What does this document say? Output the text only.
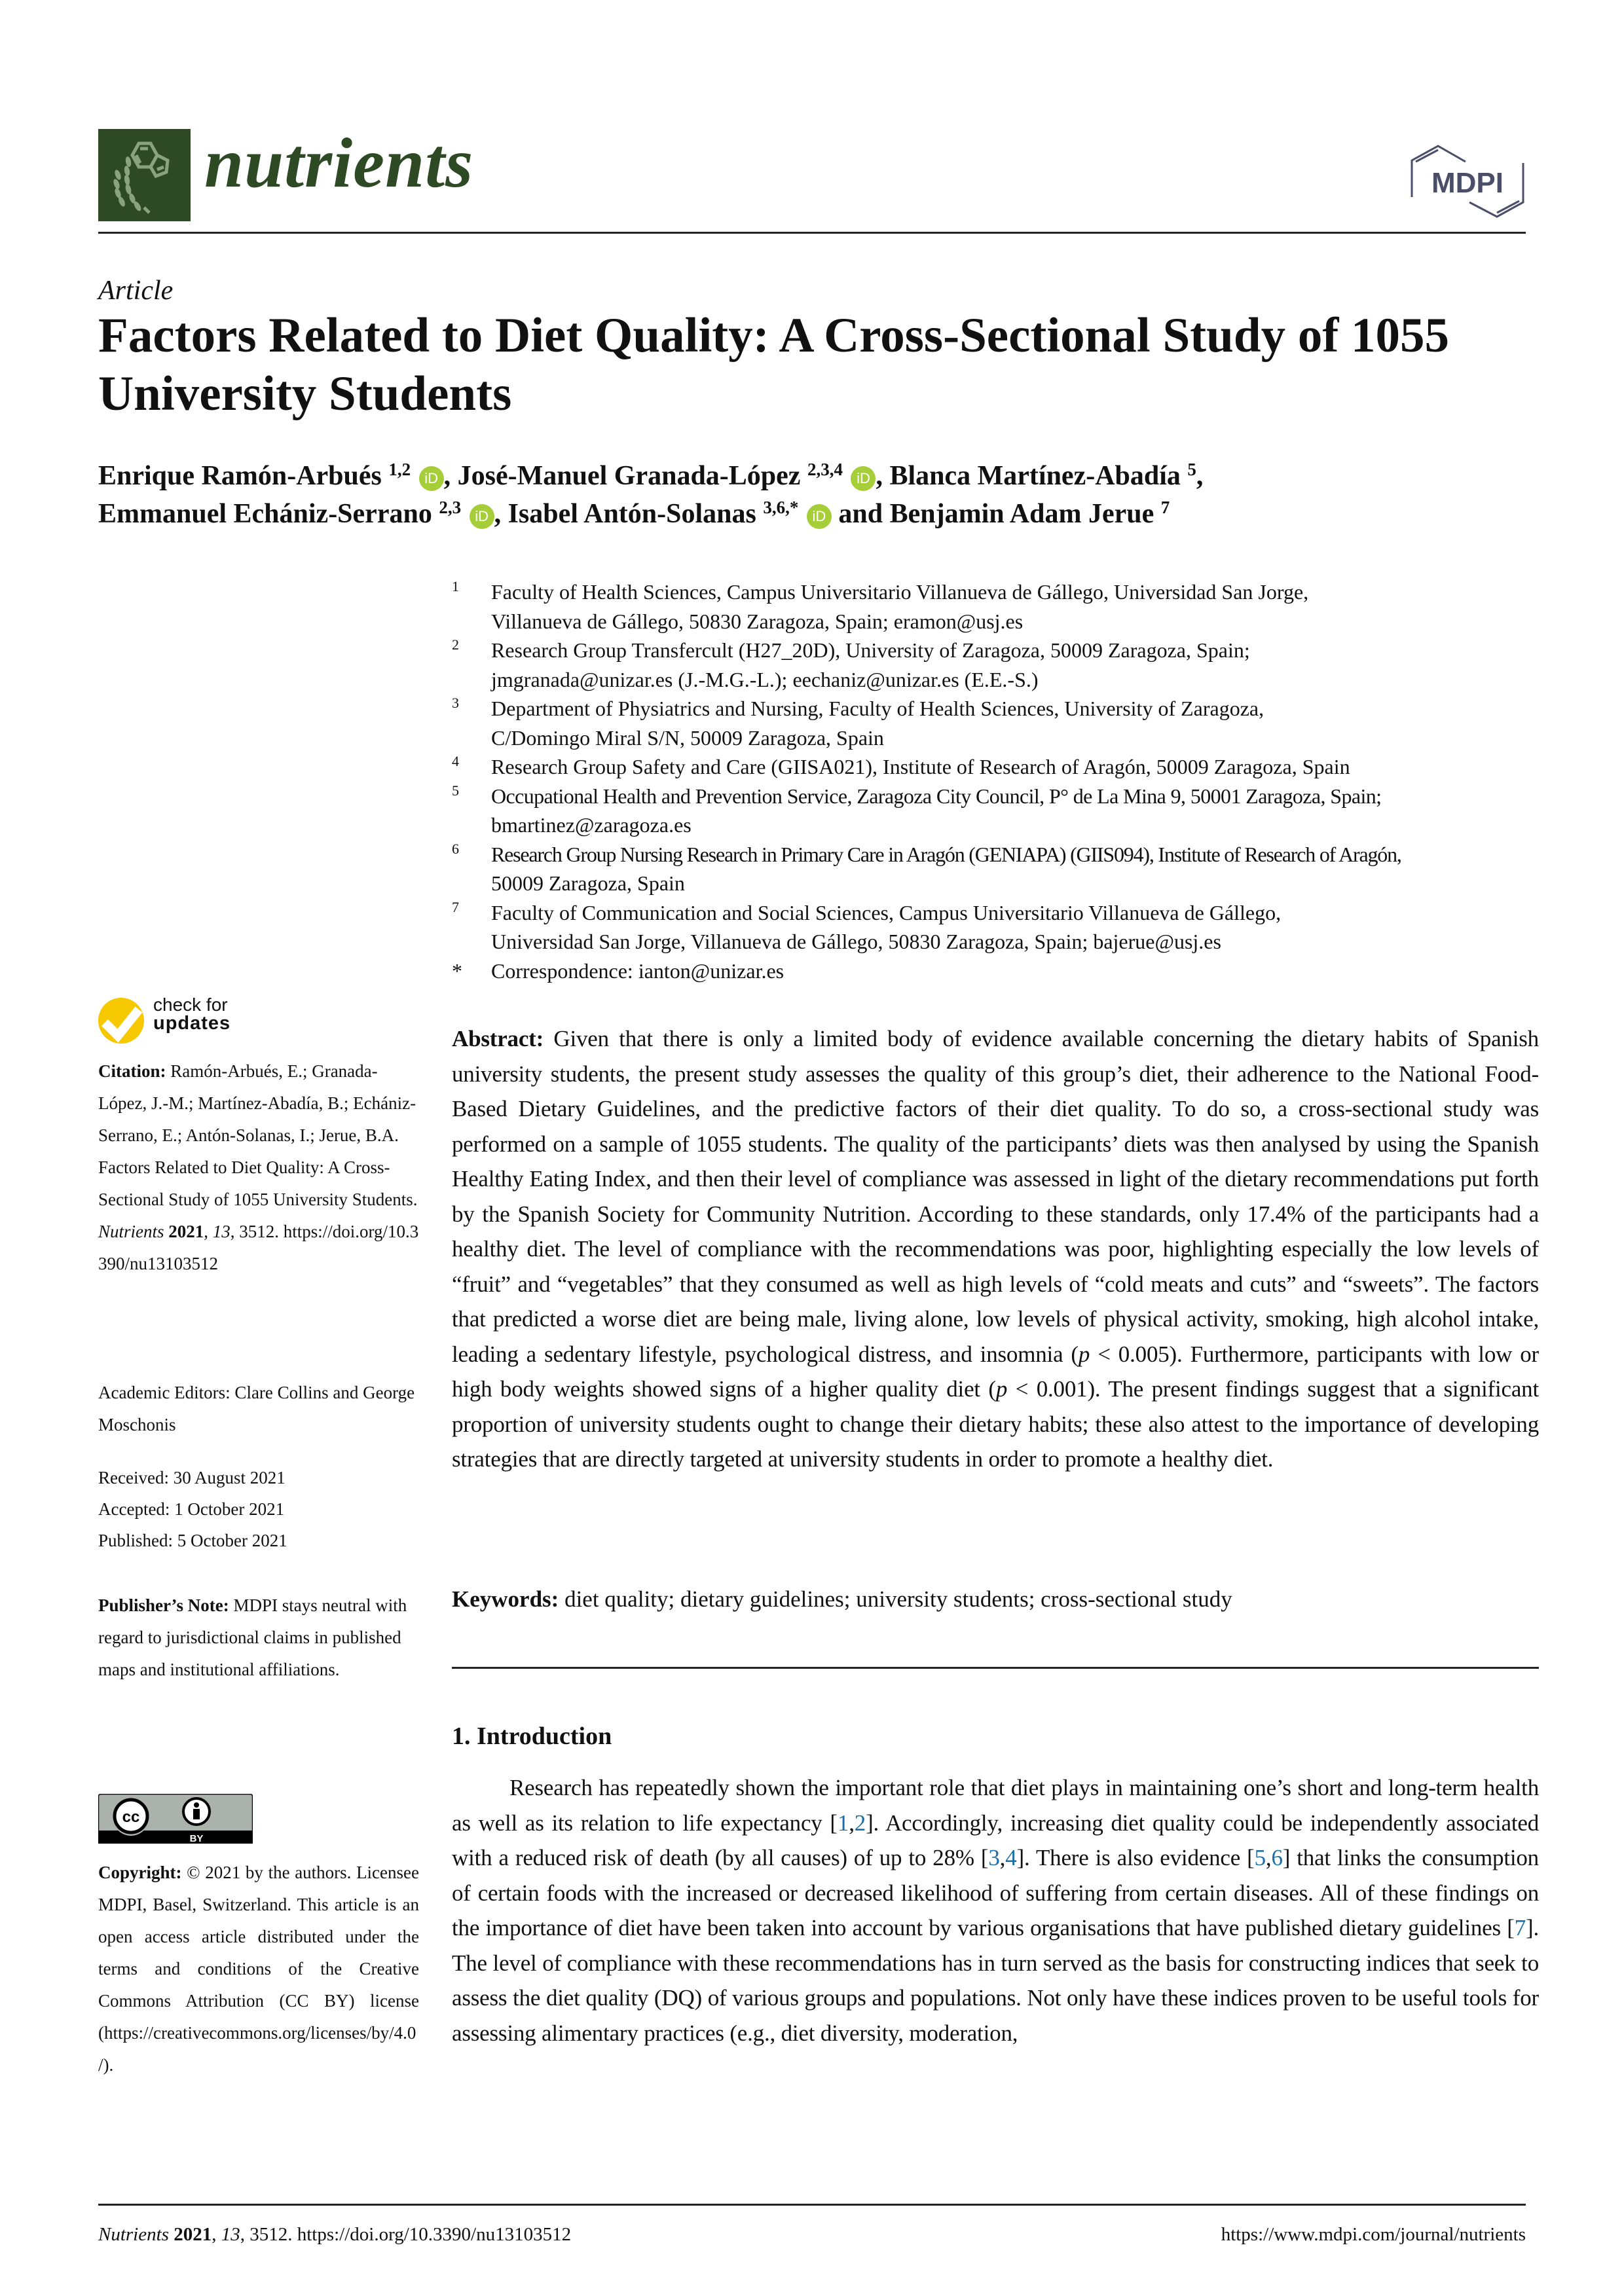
nutrients	MDPI
Article
Factors Related to Diet Quality: A Cross-Sectional Study of 1055
University Students
Enrique Ramón-Arbués $^{1,2}$ iD , José-Manuel Granada-López $^{2,3,4}$ iD , Blanca Martínez-Abadía $^5$,
Emmanuel Echániz-Serrano $^{2,3}$ iD , Isabel Antón-Solanas $^{3,6,*}$ iD and Benjamin Adam Jerue $^7$
1 Faculty of Health Sciences, Campus Universitario Villanueva de Gállego, Universidad San Jorge,
Villanueva de Gállego, 50830 Zaragoza, Spain; eramon@usj.es
2 Research Group Transfercult (H27_20D), University of Zaragoza, 50009 Zaragoza, Spain;
jmgranada@unizar.es (J.-M.G.-L.); eechaniz@unizar.es (E.E.-S.)
3 Department of Physiatrics and Nursing, Faculty of Health Sciences, University of Zaragoza,
C/Domingo Miral S/N, 50009 Zaragoza, Spain
4 Research Group Safety and Care (GIISA021), Institute of Research of Aragón, 50009 Zaragoza, Spain
5 Occupational Health and Prevention Service, Zaragoza City Council, P° de La Mina 9, 50001 Zaragoza, Spain;
bmartinez@zaragoza.es
6 Research Group Nursing Research in Primary Care in Aragón (GENIAPA) (GIIS094), Institute of Research of Aragón,
50009 Zaragoza, Spain
7 Faculty of Communication and Social Sciences, Campus Universitario Villanueva de Gállego,
Universidad San Jorge, Villanueva de Gállego, 50830 Zaragoza, Spain; bajerue@usj.es
* Correspondence: ianton@unizar.es
check for
updates
Citation: Ramón-Arbués, E.; Granada-López, J.-M.; Martínez-Abadía, B.; Echániz-Serrano, E.; Antón-Solanas, I.; Jerue, B.A. Factors Related to Diet Quality: A Cross-Sectional Study of 1055 University Students. Nutrients 2021, 13, 3512. https://doi.org/10.3390/nu13103512
Academic Editors: Clare Collins and George Moschonis
Received: 30 August 2021
Accepted: 1 October 2021
Published: 5 October 2021
Publisher’s Note: MDPI stays neutral with regard to jurisdictional claims in published maps and institutional affiliations.
cc
BY
Copyright: © 2021 by the authors. Licensee MDPI, Basel, Switzerland. This article is an open access article distributed under the terms and conditions of the Creative Commons Attribution (CC BY) license (https://creativecommons.org/licenses/by/4.0/).
Abstract: Given that there is only a limited body of evidence available concerning the dietary habits of Spanish university students, the present study assesses the quality of this group’s diet, their adherence to the National Food-Based Dietary Guidelines, and the predictive factors of their diet quality. To do so, a cross-sectional study was performed on a sample of 1055 students. The quality of the participants’ diets was then analysed by using the Spanish Healthy Eating Index, and then their level of compliance was assessed in light of the dietary recommendations put forth by the Spanish Society for Community Nutrition. According to these standards, only 17.4% of the participants had a healthy diet. The level of compliance with the recommendations was poor, highlighting especially the low levels of “fruit” and “vegetables” that they consumed as well as high levels of “cold meats and cuts” and “sweets”. The factors that predicted a worse diet are being male, living alone, low levels of physical activity, smoking, high alcohol intake, leading a sedentary lifestyle, psychological distress, and insomnia (p < 0.005). Furthermore, participants with low or high body weights showed signs of a higher quality diet (p < 0.001). The present findings suggest that a significant proportion of university students ought to change their dietary habits; these also attest to the importance of developing strategies that are directly targeted at university students in order to promote a healthy diet.
Keywords: diet quality; dietary guidelines; university students; cross-sectional study
1. Introduction
Research has repeatedly shown the important role that diet plays in maintaining one’s short and long-term health as well as its relation to life expectancy [1,2]. Accordingly, increasing diet quality could be independently associated with a reduced risk of death (by all causes) of up to 28% [3,4]. There is also evidence [5,6] that links the consumption of certain foods with the increased or decreased likelihood of suffering from certain diseases. All of these findings on the importance of diet have been taken into account by various organisations that have published dietary guidelines [7]. The level of compliance with these recommendations has in turn served as the basis for constructing indices that seek to assess the diet quality (DQ) of various groups and populations. Not only have these indices proven to be useful tools for assessing alimentary practices (e.g., diet diversity, moderation,
Nutrients 2021, 13, 3512. https://doi.org/10.3390/nu13103512	https://www.mdpi.com/journal/nutrients
